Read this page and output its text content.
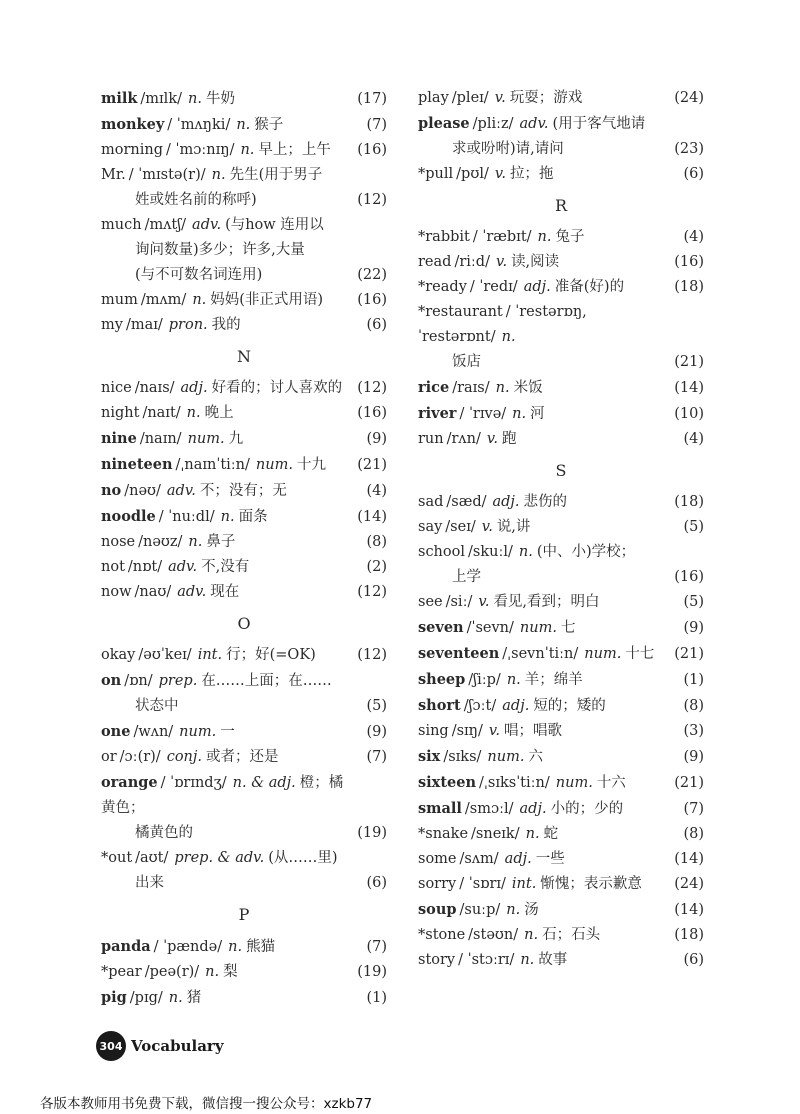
milk /mɪlk/ n. 牛奶	(17)
monkey / ˈmʌŋki/ n. 猴子	(7)
morning / ˈmɔːnɪŋ/ n. 早上；上午	(16)
Mr. / ˈmɪstə(r)/ n. 先生(用于男子
姓或姓名前的称呼)	(12)
much /mʌtʃ/ adv. (与how 连用以
询问数量)多少；许多,大量
(与不可数名词连用)	(22)
mum /mʌm/ n. 妈妈(非正式用语)	(16)
my /maɪ/ pron. 我的	(6)
N
nice /naɪs/ adj. 好看的；讨人喜欢的	(12)
night /naɪt/ n. 晚上	(16)
nine /naɪn/ num. 九	(9)
nineteen /ˌnaɪnˈtiːn/ num. 十九	(21)
no /nəʊ/ adv. 不；没有；无	(4)
noodle / ˈnuːdl/ n. 面条	(14)
nose /nəʊz/ n. 鼻子	(8)
not /nɒt/ adv. 不,没有	(2)
now /naʊ/ adv. 现在	(12)
O
okay /əʊˈkeɪ/ int. 行；好(=OK)	(12)
on /ɒn/ prep. 在……上面；在……
状态中	(5)
one /wʌn/ num. 一	(9)
or /ɔː(r)/ conj. 或者；还是	(7)
orange / ˈɒrɪndʒ/ n. & adj. 橙；橘黄色；
橘黄色的	(19)
*out /aʊt/ prep. & adv. (从……里)
出来	(6)
P
panda / ˈpændə/ n. 熊猫	(7)
*pear /peə(r)/ n. 梨	(19)
pig /pɪg/ n. 猪	(1)
play /pleɪ/ v. 玩耍；游戏	(24)
please /pliːz/ adv. (用于客气地请
求或吩咐)请,请问	(23)
*pull /pʊl/ v. 拉；拖	(6)
R
*rabbit / ˈræbɪt/ n. 兔子	(4)
read /riːd/ v. 读,阅读	(16)
*ready / ˈredɪ/ adj. 准备(好)的	(18)
*restaurant / ˈrestərɒŋ, ˈrestərɒnt/ n.
饭店	(21)
rice /raɪs/ n. 米饭	(14)
river / ˈrɪvə/ n. 河	(10)
run /rʌn/ v. 跑	(4)
S
sad /sæd/ adj. 悲伤的	(18)
say /seɪ/ v. 说,讲	(5)
school /skuːl/ n. (中、小)学校；
上学	(16)
see /siː/ v. 看见,看到；明白	(5)
seven /ˈsevn/ num. 七	(9)
seventeen /ˌsevnˈtiːn/ num. 十七	(21)
sheep /ʃiːp/ n. 羊；绵羊	(1)
short /ʃɔːt/ adj. 短的；矮的	(8)
sing /sɪŋ/ v. 唱；唱歌	(3)
six /sɪks/ num. 六	(9)
sixteen /ˌsɪksˈtiːn/ num. 十六	(21)
small /smɔːl/ adj. 小的；少的	(7)
*snake /sneɪk/ n. 蛇	(8)
some /sʌm/ adj. 一些	(14)
sorry / ˈsɒrɪ/ int. 惭愧；表示歉意	(24)
soup /suːp/ n. 汤	(14)
*stone /stəʊn/ n. 石；石头	(18)
story / ˈstɔːrɪ/ n. 故事	(6)
304 Vocabulary
各版本教师用书免费下载，微信搜一搜公众号：xzkb77
